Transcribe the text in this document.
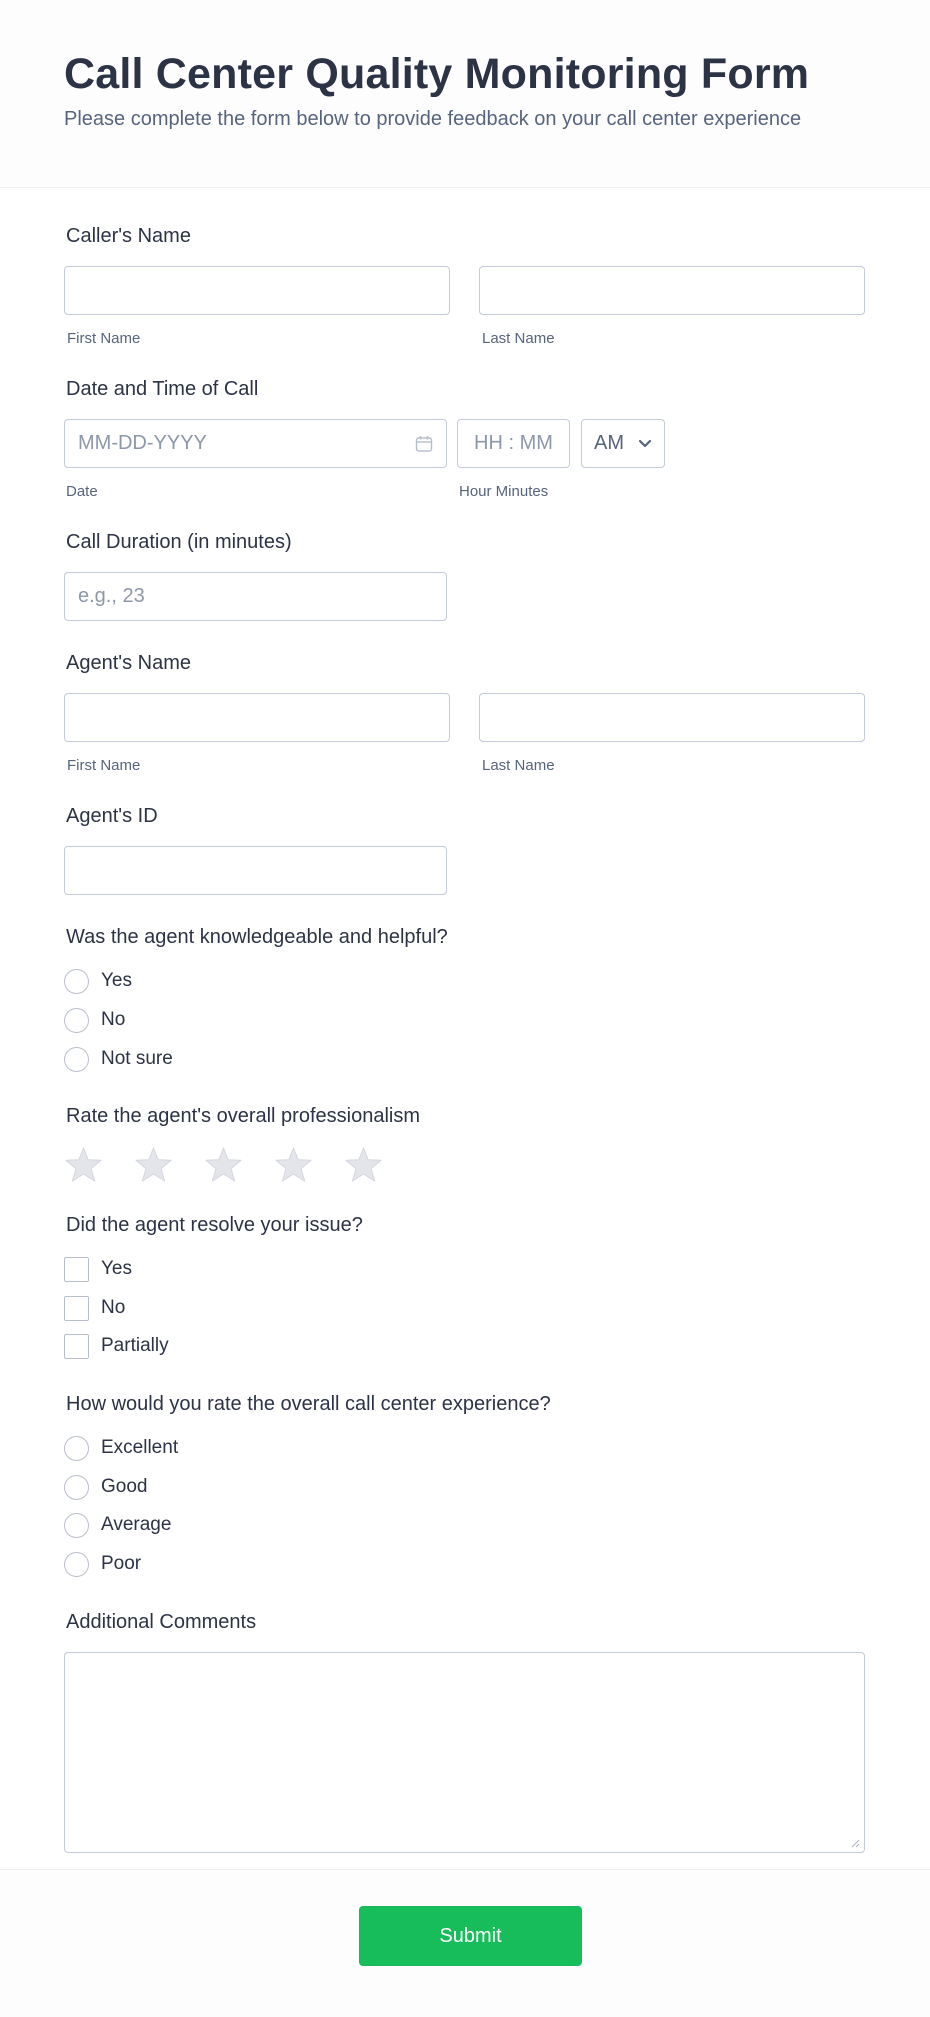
Call Center Quality Monitoring Form
Please complete the form below to provide feedback on your call center experience
Caller's Name
First Name	Last Name
Date and Time of Call
MM-DD-YYYY	HH : MM AM
Date	Hour Minutes
Call Duration (in minutes)
e.g., 23
Agent's Name
First Name	Last Name
Agent's ID
Was the agent knowledgeable and helpful?
Yes
No
Not sure
Rate the agent's overall professionalism
Did the agent resolve your issue?
Yes
No
Partially
How would you rate the overall call center experience?
Excellent
Good
Average
Poor
Additional Comments
Submit
